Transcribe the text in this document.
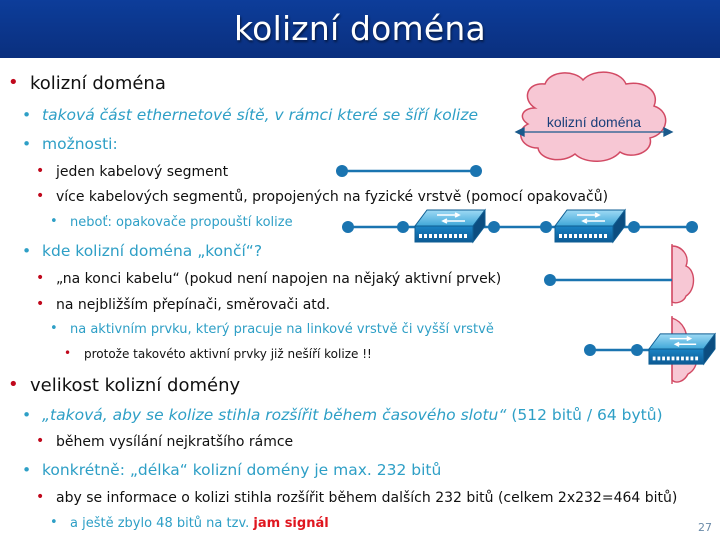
kolizní doména
• kolizní doména
• taková část ethernetové sítě, v rámci které se šíří kolize
• možnosti:
• jeden kabelový segment
• více kabelových segmentů, propojených na fyzické vrstvě (pomocí opakovačů)
• neboť: opakovače propouští kolize
• kde kolizní doména „končí“?
• „na konci kabelu“ (pokud není napojen na nějaký aktivní prvek)
• na nejbližším přepínači, směrovači atd.
• na aktivním prvku, který pracuje na linkové vrstvě či vyšší vrstvě
• protože takovéto aktivní prvky již nešíří kolize !!
• velikost kolizní domény
• „taková, aby se kolize stihla rozšířit během časového slotu“ (512 bitů / 64 bytů)
• během vysílání nejkratšího rámce
• konkrétně: „délka“ kolizní domény je max. 232 bitů
• aby se informace o kolizi stihla rozšířit během dalších 232 bitů (celkem 2x232=464 bitů)
• a ještě zbylo 48 bitů na tzv. jam signál
kolizní doména
27
